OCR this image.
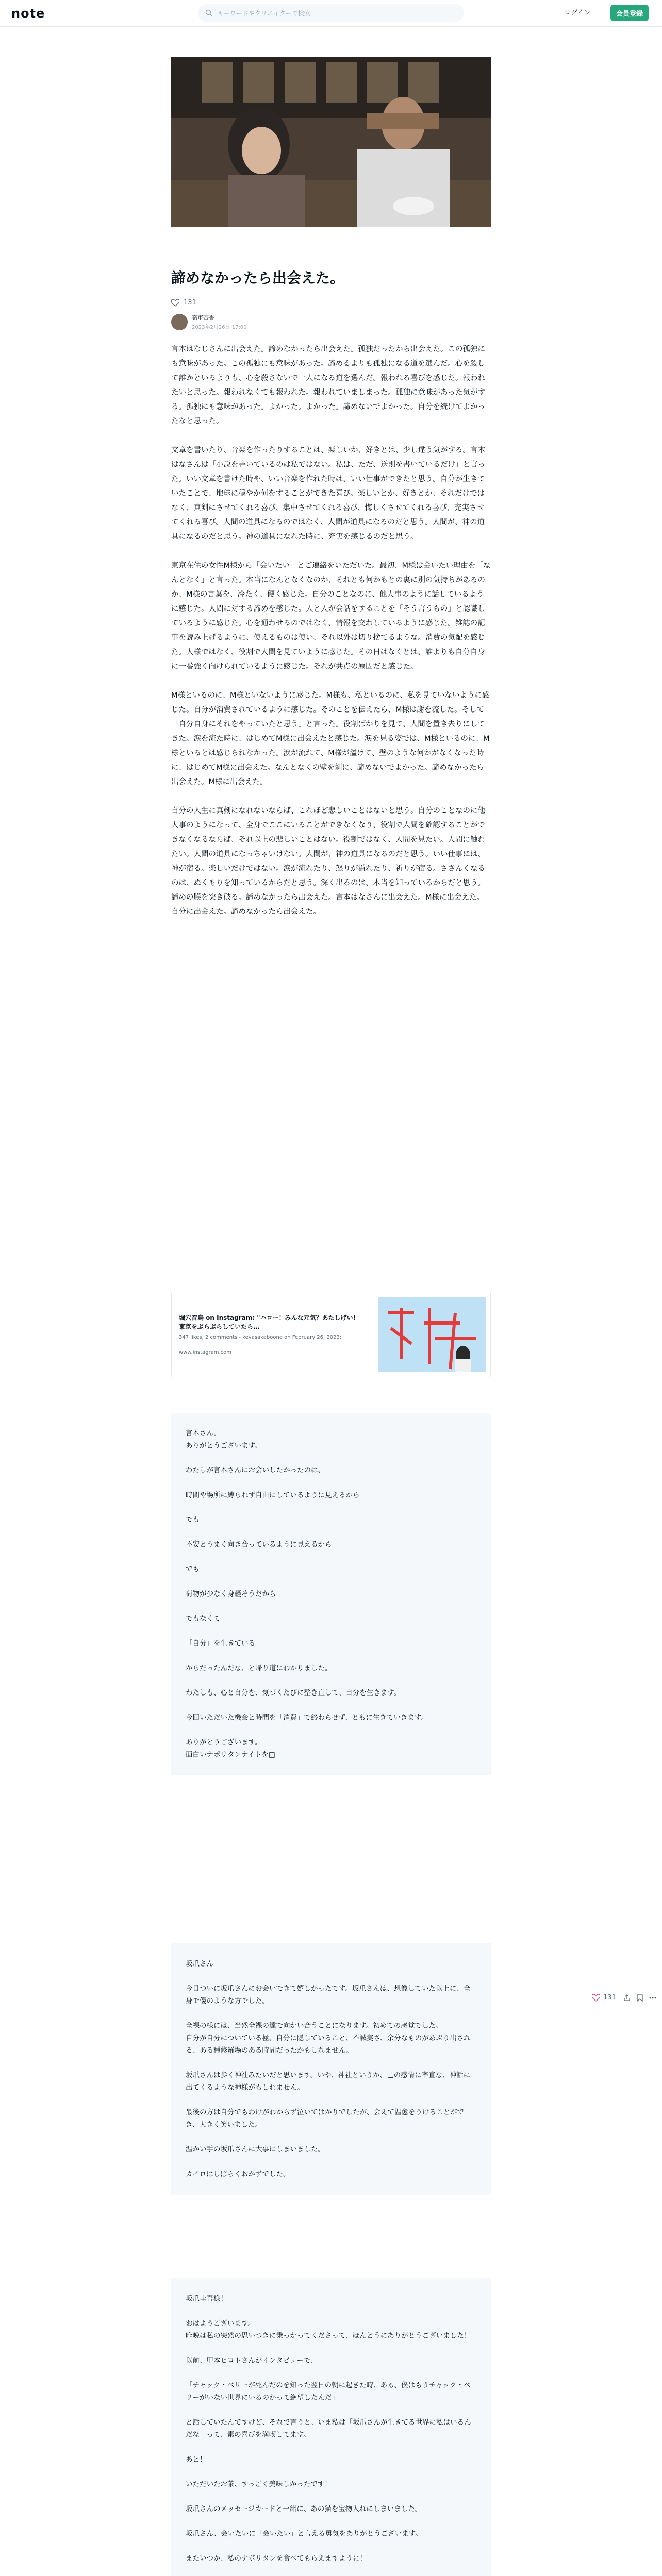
note	キーワードやクリエイターで検索	ログイン	会員登録
諦めなかったら出会えた。
131
嶺市杏香
2023年2月26日 17:00

言本はなじさんに出会えた。諦めなかったら出会えた。孤独だったから出会えた。この孤独にも意味があった。この孤独にも意味があった。諦めるよりも孤独になる道を選んだ。心を殺して誰かといるよりも、心を殺さないで一人になる道を選んだ。報われる喜びを感じた。報われたいと思った。報われなくても報われた。報われていましまった。孤独に意味があった気がする。孤独にも意味があった。よかった。よかった。諦めないでよかった。自分を続けてよかったなと思った。

文章を書いたり、音楽を作ったりすることは、楽しいか、好きとは、少し違う気がする。言本はなさんは「小説を書いているのは私ではない。私は、ただ、送則を書いているだけ」と言った。いい文章を書けた時や、いい音楽を作れた時は、いい仕事ができたと思う。自分が生きていたことで、地球に穏やか何をすることができた喜び。楽しいとか、好きとか、それだけではなく、真剣にさせてくれる喜び、集中させてくれる喜び、悔しくさせてくれる喜び、充実させてくれる喜び。人間の道具になるのではなく、人間が道具になるのだと思う。人間が、神の道具になるのだと思う。神の道具になれた時に、充実を感じるのだと思う。

東京在住の女性M様から「会いたい」とご連絡をいただいた。最初、M様は会いたい理由を「なんとなく」と言った。本当になんとなくなのか、それとも何かもとの裏に別の気持ちがあるのか、M様の言葉を、冷たく、硬く感じた。自分のことなのに、他人事のように話しているように感じた。人間に対する諦めを感じた。人と人が会話をすることを「そう言うもの」と認識しているように感じた。心を通わせるのではなく、情報を交わしているように感じた。雑誌の記事を読み上げるように、使えるものは使い、それ以外は切り捨てるような。消費の気配を感じた。人様ではなく、役割で人間を見ていように感じた。その日はなくとは、誰よりも自分自身に一番強く向けられているように感じた。それが共点の原因だと感じた。

M様といるのに、M様といないように感じた。M様も、私といるのに、私を見ていないように感じた。自分が消費されているように感じた。そのことを伝えたら、M様は謝を流した。そして「自分自身にそれをやっていたと思う」と言った。役割ばかりを見て、人間を置き去りにしてきた。涙を流た時に、はじめてM様に出会えたと感じた。涙を見る姿では、M様といるのに、M様といるとは感じられなかった。涙が流れて、M様が溢けて、壁のような何かがなくなった時に、はじめてM様に出会えた。なんとなくの壁を剝に、諦めないでよかった。諦めなかったら出会えた。M様に出会えた。

自分の人生に真剣になれないならば、これほど悲しいことはないと思う。自分のことなのに他人事のようになって、全身でここにいることができなくなり、役割で人間を確認することができなくなるならば、それ以上の悲しいことはない。役割ではなく、人間を見たい。人間に触れたい。人間の道具になっちゃいけない。人間が、神の道具になるのだと思う。いい仕事には、神が宿る。楽しいだけではない。涙が流れたり、怒りが溢れたり、祈りが宿る。ささんくなるのは、ぬくもりを知っているからだと思う。深く出るのは、本当を知っているからだと思う。諦めの膜を突き破る。諦めなかったら出会えた。言本はなさんに出会えた。M様に出会えた。自分に出会えた。諦めなかったら出会えた。

堀穴音鳥 on Instagram: "ハロー！みんな元気？あたしげい！ 東京をぶらぶらしていたら…
347 likes, 2 comments - keyasakaboone on February 26, 2023:
www.instagram.com

言本さん。
ありがとうございます。

わたしが言本さんにお会いしたかったのは、

時間や場所に縛られず自由にしているように見えるから

でも

不安とうまく向き合っているように見えるから

でも

荷物が少なく身軽そうだから

でもなくて

「自分」を生きている

からだったんだな、と帰り道にわかりました。

わたしも、心と自分を、気づくたびに整き直して、自分を生きます。

今回いただいた機会と時間を「消費」で終わらせず、ともに生きていきます。

ありがとうございます。
面白いナポリタンナイトを□

坂爪さん

今日ついに坂爪さんにお会いできて嬉しかったです。坂爪さんは、想像していた以上に、全身で優のような方でした。

全裸の様には、当然全裸の達で向かい合うことになります。初めての感覚でした。
自分が自分についている極、自分に隠していること、不誠実さ、余分なものがあぶり出される、ある種修羅場のある時間だったかもしれません。

坂爪さんは歩く神社みたいだと思います。いや、神社というか、己の感情に率直な、神話に出てくるような神様がもしれません。

最後の方は自分でもわけがわからず泣いてはかりでしたが、会えて温愈をうけることができ、大きく笑いました。

温かい手の坂爪さんに大事にしまいました。

カイロはしばらくおかずでした。

坂爪圭吾様！

おはようございます。
昨晩は私の突然の思いつきに乗っかってくださって、ほんとうにありがとうございました！

以前、甲本ヒロトさんがインタビューで、

「チャック・ベリーが死んだのを知った翌日の朝に起きた時、あぁ、僕はもうチャック・ベリーがいない世界にいるのかって絶望したんだ」

と話していたんですけど、それで言うと、いま私は「坂爪さんが生きてる世界に私はいるんだな」って、素の喜びを満喫してます。

あと！

いただいたお茶、すっごく美味しかったです！

坂爪さんのメッセージカードと一緒に、あの猫を宝物入れにしまいました。

坂爪さん、会いたいに「会いたい」と言える勇気をありがとうございます。

またいつか、私のナポリタンを食べてもらえますように！

131
